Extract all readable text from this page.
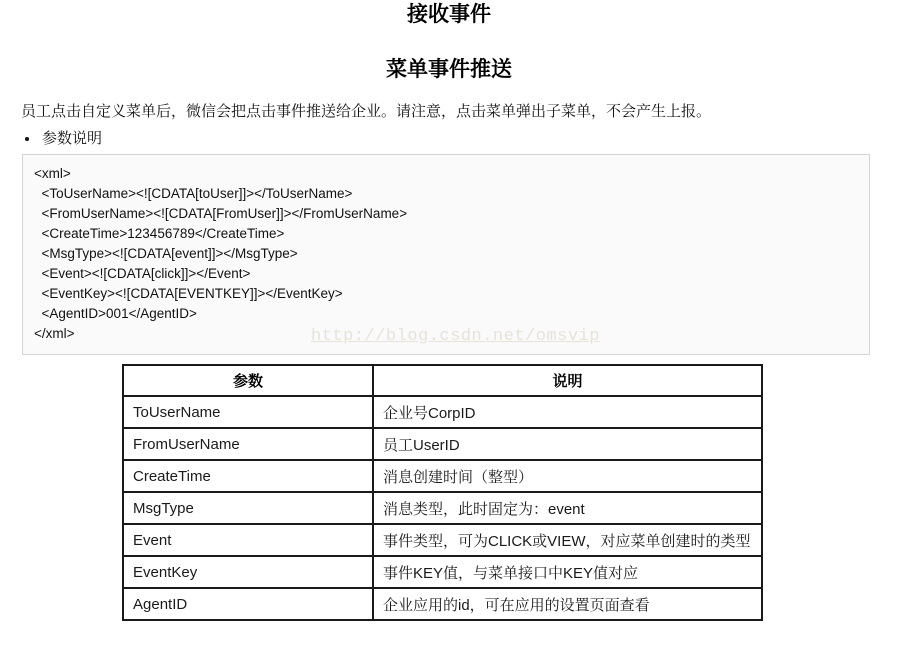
接收事件
菜单事件推送

员工点击自定义菜单后，微信会把点击事件推送给企业。请注意，点击菜单弹出子菜单，不会产生上报。

参数说明
<xml>
<ToUserName><![CDATA[toUser]]></ToUserName>
<FromUserName><![CDATA[FromUser]]></FromUserName>
<CreateTime>123456789</CreateTime>
<MsgType><![CDATA[event]]></MsgType>
<Event><![CDATA[click]]></Event>
<EventKey><![CDATA[EVENTKEY]]></EventKey>
<AgentID>001</AgentID>
</xml>	http://blog.csdn.net/omsvip
参数	说明
ToUserName	企业号CorpID
FromUserName	员工UserID
CreateTime	消息创建时间（整型）
MsgType	消息类型，此时固定为：event
Event	事件类型，可为CLICK或VIEW，对应菜单创建时的类型
EventKey	事件KEY值，与菜单接口中KEY值对应
AgentID	企业应用的id，可在应用的设置页面查看
